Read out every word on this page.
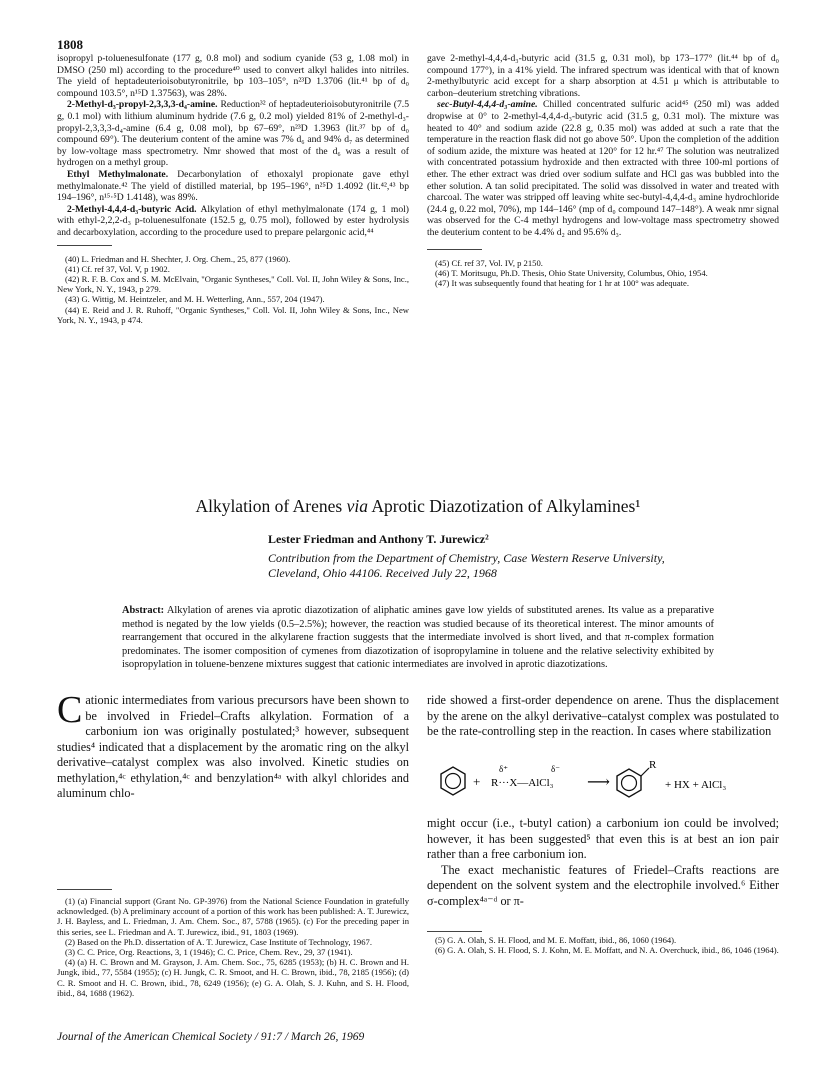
1808

isopropyl p-toluenesulfonate (177 g, 0.8 mol) and sodium cyanide (53 g, 1.08 mol) in DMSO (250 ml) according to the procedure⁴⁰ used to convert alkyl halides into nitriles. The yield of heptadeuterioisobutyronitrile, bp 103–105°, n²³D 1.3706 (lit.⁴¹ bp of d₀ compound 103.5°, n¹⁵D 1.37563), was 28%.

2-Methyl-d₃-propyl-2,3,3,3-d₄-amine. Reduction³² of heptadeuterioisobutyronitrile (7.5 g, 0.1 mol) with lithium aluminum hydride (7.6 g, 0.2 mol) yielded 81% of 2-methyl-d₃-propyl-2,3,3,3-d₄-amine (6.4 g, 0.08 mol), bp 67–69°, n²³D 1.3963 (lit.³⁷ bp of d₀ compound 69°). The deuterium content of the amine was 7% d₆ and 94% d₇ as determined by low-voltage mass spectrometry. Nmr showed that most of the d₆ was a result of hydrogen on a methyl group.

Ethyl Methylmalonate. Decarbonylation of ethoxalyl propionate gave ethyl methylmalonate.⁴² The yield of distilled material, bp 195–196°, n²⁵D 1.4092 (lit.⁴²,⁴³ bp 194–196°, n¹⁵·⁵D 1.4148), was 89%.

2-Methyl-4,4,4-d₃-butyric Acid. Alkylation of ethyl methylmalonate (174 g, 1 mol) with ethyl-2,2,2-d₃ p-toluenesulfonate (152.5 g, 0.75 mol), followed by ester hydrolysis and decarboxylation, according to the procedure used to prepare pelargonic acid,⁴⁴

(40) L. Friedman and H. Shechter, J. Org. Chem., 25, 877 (1960).

(41) Cf. ref 37, Vol. V, p 1902.

(42) R. F. B. Cox and S. M. McElvain, "Organic Syntheses," Coll. Vol. II, John Wiley & Sons, Inc., New York, N. Y., 1943, p 279.

(43) G. Wittig, M. Heintzeler, and M. H. Wetterling, Ann., 557, 204 (1947).

(44) E. Reid and J. R. Ruhoff, "Organic Syntheses," Coll. Vol. II, John Wiley & Sons, Inc., New York, N. Y., 1943, p 474.

gave 2-methyl-4,4,4-d₃-butyric acid (31.5 g, 0.31 mol), bp 173–177° (lit.⁴⁴ bp of d₀ compound 177°), in a 41% yield. The infrared spectrum was identical with that of known 2-methylbutyric acid except for a sharp absorption at 4.51 μ which is attributable to carbon–deuterium stretching vibrations.

sec-Butyl-4,4,4-d₃-amine. Chilled concentrated sulfuric acid⁴⁵ (250 ml) was added dropwise at 0° to 2-methyl-4,4,4-d₃-butyric acid (31.5 g, 0.31 mol). The mixture was heated to 40° and sodium azide (22.8 g, 0.35 mol) was added at such a rate that the temperature in the reaction flask did not go above 50°. Upon the completion of the addition of sodium azide, the mixture was heated at 120° for 12 hr.⁴⁷ The solution was neutralized with concentrated potassium hydroxide and then extracted with three 100-ml portions of ether. The ether extract was dried over sodium sulfate and HCl gas was bubbled into the ether solution. A tan solid precipitated. The solid was dissolved in water and treated with charcoal. The water was stripped off leaving white sec-butyl-4,4,4-d₃ amine hydrochloride (24.4 g, 0.22 mol, 70%), mp 144–146° (mp of d₀ compound 147–148°). A weak nmr signal was observed for the C-4 methyl hydrogens and low-voltage mass spectrometry showed the deuterium content to be 4.4% d₂ and 95.6% d₃.

(45) Cf. ref 37, Vol. IV, p 2150.

(46) T. Moritsugu, Ph.D. Thesis, Ohio State University, Columbus, Ohio, 1954.

(47) It was subsequently found that heating for 1 hr at 100° was adequate.

Alkylation of Arenes via Aprotic Diazotization of Alkylamines¹
Lester Friedman and Anthony T. Jurewicz²
Contribution from the Department of Chemistry, Case Western Reserve University,
Cleveland, Ohio 44106. Received July 22, 1968
Abstract: Alkylation of arenes via aprotic diazotization of aliphatic amines gave low yields of substituted arenes. Its value as a preparative method is negated by the low yields (0.5–2.5%); however, the reaction was studied because of its theoretical interest. The minor amounts of rearrangement that occured in the alkylarene fraction suggests that the intermediate involved is short lived, and that π-complex formation predominates. The isomer composition of cymenes from diazotization of isopropylamine in toluene and the relative selectivity exhibited by isopropylation in toluene-benzene mixtures suggest that cationic intermediates are involved in aprotic diazotizations.
Cationic intermediates from various precursors have been shown to be involved in Friedel–Crafts alkylation. Formation of a carbonium ion was originally postulated;³ however, subsequent studies⁴ indicated that a displacement by the aromatic ring on the alkyl derivative–catalyst complex was also involved. Kinetic studies on methylation,⁴ᶜ ethylation,⁴ᶜ and benzylation⁴ᵃ with alkyl chlorides and aluminum chlo-
ride showed a first-order dependence on arene. Thus the displacement by the arene on the alkyl derivative–catalyst complex was postulated to be the rate-controlling step in the reaction. In cases where stabilization
+
δ⁺	δ⁻
R···X—AlCl₃ ⟶
R
+ HX + AlCl₃

might occur (i.e., t-butyl cation) a carbonium ion could be involved; however, it has been suggested⁵ that even this is at best an ion pair rather than a free carbonium ion.

The exact mechanistic features of Friedel–Crafts reactions are dependent on the solvent system and the electrophile involved.⁶ Either σ-complex⁴ᵃ⁻ᵈ or π-

(1) (a) Financial support (Grant No. GP-3976) from the National Science Foundation in gratefully acknowledged. (b) A preliminary account of a portion of this work has been published: A. T. Jurewicz, J. H. Bayless, and L. Friedman, J. Am. Chem. Soc., 87, 5788 (1965). (c) For the preceding paper in this series, see L. Friedman and A. T. Jurewicz, ibid., 91, 1803 (1969).

(2) Based on the Ph.D. dissertation of A. T. Jurewicz, Case Institute of Technology, 1967.

(3) C. C. Price, Org. Reactions, 3, 1 (1946); C. C. Price, Chem. Rev., 29, 37 (1941).

(4) (a) H. C. Brown and M. Grayson, J. Am. Chem. Soc., 75, 6285 (1953); (b) H. C. Brown and H. Jungk, ibid., 77, 5584 (1955); (c) H. Jungk, C. R. Smoot, and H. C. Brown, ibid., 78, 2185 (1956); (d) C. R. Smoot and H. C. Brown, ibid., 78, 6249 (1956); (e) G. A. Olah, S. J. Kuhn, and S. H. Flood, ibid., 84, 1688 (1962).

(5) G. A. Olah, S. H. Flood, and M. E. Moffatt, ibid., 86, 1060 (1964).

(6) G. A. Olah, S. H. Flood, S. J. Kohn, M. E. Moffatt, and N. A. Overchuck, ibid., 86, 1046 (1964).

Journal of the American Chemical Society / 91:7 / March 26, 1969
